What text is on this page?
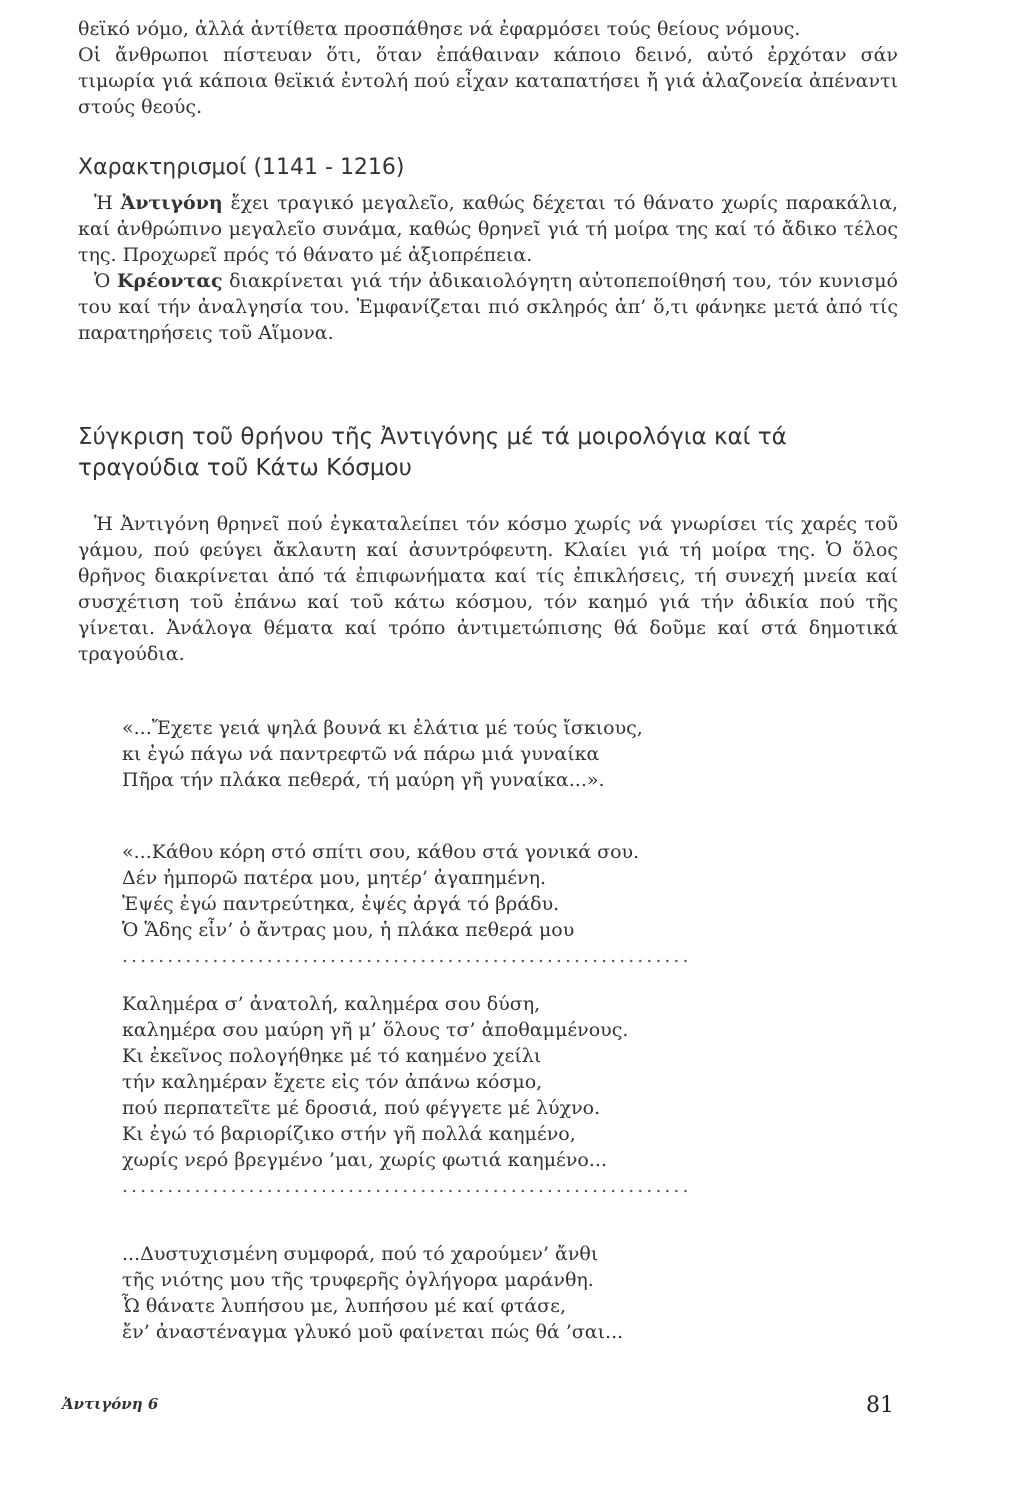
θεϊκό νόμο, ἀλλά ἀντίθετα προσπάθησε νά ἐφαρμόσει τούς θείους νόμους.

Οἱ ἄνθρωποι πίστευαν ὅτι, ὅταν ἐπάθαιναν κάποιο δεινό, αὐτό ἐρχόταν σάν τιμωρία γιά κάποια θεϊκιά ἐντολή πού εἶχαν καταπατήσει ἤ γιά ἀλαζονεία ἀπέναντι στούς θεούς.

Χαρακτηρισμοί (1141 - 1216)

Ἡ Ἀντιγόνη ἔχει τραγικό μεγαλεῖο, καθώς δέχεται τό θάνατο χωρίς παρακάλια, καί ἀνθρώπινο μεγαλεῖο συνάμα, καθώς θρηνεῖ γιά τή μοίρα της καί τό ἄδικο τέλος της. Προχωρεῖ πρός τό θάνατο μέ ἀξιοπρέπεια.

Ὁ Κρέοντας διακρίνεται γιά τήν ἀδικαιολόγητη αὐτοπεποίθησή του, τόν κυνισμό του καί τήν ἀναλγησία του. Ἐμφανίζεται πιό σκληρός ἀπ’ ὅ,τι φάνηκε μετά ἀπό τίς παρατηρήσεις τοῦ Αἵμονα.

Σύγκριση τοῦ θρήνου τῆς Ἀντιγόνης μέ τά μοιρολόγια καί τά τραγούδια τοῦ Κάτω Κόσμου

Ἡ Ἀντιγόνη θρηνεῖ πού ἐγκαταλείπει τόν κόσμο χωρίς νά γνωρίσει τίς χαρές τοῦ γάμου, πού φεύγει ἄκλαυτη καί ἀσυντρόφευτη. Κλαίει γιά τή μοίρα της. Ὁ ὅλος θρῆνος διακρίνεται ἀπό τά ἐπιφωνήματα καί τίς ἐπικλήσεις, τή συνεχή μνεία καί συσχέτιση τοῦ ἐπάνω καί τοῦ κάτω κόσμου, τόν καημό γιά τήν ἀδικία πού τῆς γίνεται. Ἀνάλογα θέματα καί τρόπο ἀντιμετώπισης θά δοῦμε καί στά δημοτικά τραγούδια.

«...Ἔχετε γειά ψηλά βουνά κι ἐλάτια μέ τούς ἴσκιους,
κι ἐγώ πάγω νά παντρεφτῶ νά πάρω μιά γυναίκα
Πῆρα τήν πλάκα πεθερά, τή μαύρη γῆ γυναίκα...».
«...Κάθου κόρη στό σπίτι σου, κάθου στά γονικά σου.
Δέν ἠμπορῶ πατέρα μου, μητέρ’ ἀγαπημένη.
Ἐψές ἐγώ παντρεύτηκα, ἐψές ἀργά τό βράδυ.
Ὁ Ἅδης εἶν’ ὁ ἄντρας μου, ἡ πλάκα πεθερά μου
...............................................................
Καλημέρα σ’ ἀνατολή, καλημέρα σου δύση,
καλημέρα σου μαύρη γῆ μ’ ὅλους τσ’ ἀποθαμμένους.
Κι ἐκεῖνος πολογήθηκε μέ τό καημένο χείλι
τήν καλημέραν ἔχετε εἰς τόν ἀπάνω κόσμο,
πού περπατεῖτε μέ δροσιά, πού φέγγετε μέ λύχνο.
Κι ἐγώ τό βαριορίζικο στήν γῆ πολλά καημένο,
χωρίς νερό βρεγμένο ’μαι, χωρίς φωτιά καημένο...
...............................................................
...Δυστυχισμένη συμφορά, πού τό χαρούμεν’ ἄνθι
τῆς νιότης μου τῆς τρυφερῆς ὀγλήγορα μαράνθη.
Ὦ θάνατε λυπήσου με, λυπήσου μέ καί φτάσε,
ἔν’ ἀναστέναγμα γλυκό μοῦ φαίνεται πώς θά ’σαι...
Ἀντιγόνη 6	81
